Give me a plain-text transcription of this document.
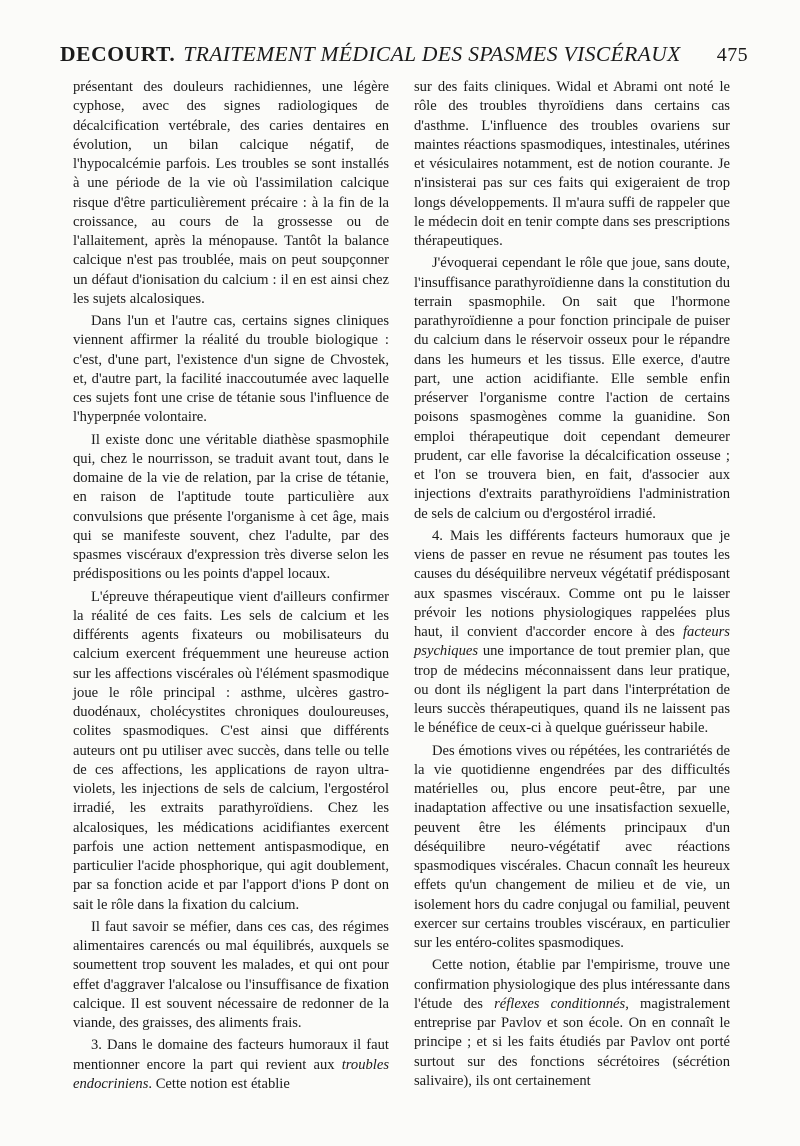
DECOURT. TRAITEMENT MÉDICAL DES SPASMES VISCÉRAUX 475

présentant des douleurs rachidiennes, une légère cyphose, avec des signes radiologiques de décalcification vertébrale, des caries dentaires en évolution, un bilan calcique négatif, de l'hypocalcémie parfois. Les troubles se sont installés à une période de la vie où l'assimilation calcique risque d'être particulièrement précaire : à la fin de la croissance, au cours de la grossesse ou de l'allaitement, après la ménopause. Tantôt la balance calcique n'est pas troublée, mais on peut soupçonner un défaut d'ionisation du calcium : il en est ainsi chez les sujets alcalosiques.

Dans l'un et l'autre cas, certains signes cliniques viennent affirmer la réalité du trouble biologique : c'est, d'une part, l'existence d'un signe de Chvostek, et, d'autre part, la facilité inaccoutumée avec laquelle ces sujets font une crise de tétanie sous l'influence de l'hyperpnée volontaire.

Il existe donc une véritable diathèse spasmophile qui, chez le nourrisson, se traduit avant tout, dans le domaine de la vie de relation, par la crise de tétanie, en raison de l'aptitude toute particulière aux convulsions que présente l'organisme à cet âge, mais qui se manifeste souvent, chez l'adulte, par des spasmes viscéraux d'expression très diverse selon les prédispositions ou les points d'appel locaux.

L'épreuve thérapeutique vient d'ailleurs confirmer la réalité de ces faits. Les sels de calcium et les différents agents fixateurs ou mobilisateurs du calcium exercent fréquemment une heureuse action sur les affections viscérales où l'élément spasmodique joue le rôle principal : asthme, ulcères gastro-duodénaux, cholécystites chroniques douloureuses, colites spasmodiques. C'est ainsi que différents auteurs ont pu utiliser avec succès, dans telle ou telle de ces affections, les applications de rayon ultra-violets, les injections de sels de calcium, l'ergostérol irradié, les extraits parathyroïdiens. Chez les alcalosiques, les médications acidifiantes exercent parfois une action nettement antispasmodique, en particulier l'acide phosphorique, qui agit doublement, par sa fonction acide et par l'apport d'ions P dont on sait le rôle dans la fixation du calcium.

Il faut savoir se méfier, dans ces cas, des régimes alimentaires carencés ou mal équilibrés, auxquels se soumettent trop souvent les malades, et qui ont pour effet d'aggraver l'alcalose ou l'insuffisance de fixation calcique. Il est souvent nécessaire de redonner de la viande, des graisses, des aliments frais.

3. Dans le domaine des facteurs humoraux il faut mentionner encore la part qui revient aux troubles endocriniens. Cette notion est établie

sur des faits cliniques. Widal et Abrami ont noté le rôle des troubles thyroïdiens dans certains cas d'asthme. L'influence des troubles ovariens sur maintes réactions spasmodiques, intestinales, utérines et vésiculaires notamment, est de notion courante. Je n'insisterai pas sur ces faits qui exigeraient de trop longs développements. Il m'aura suffi de rappeler que le médecin doit en tenir compte dans ses prescriptions thérapeutiques.

J'évoquerai cependant le rôle que joue, sans doute, l'insuffisance parathyroïdienne dans la constitution du terrain spasmophile. On sait que l'hormone parathyroïdienne a pour fonction principale de puiser du calcium dans le réservoir osseux pour le répandre dans les humeurs et les tissus. Elle exerce, d'autre part, une action acidifiante. Elle semble enfin préserver l'organisme contre l'action de certains poisons spasmogènes comme la guanidine. Son emploi thérapeutique doit cependant demeurer prudent, car elle favorise la décalcification osseuse ; et l'on se trouvera bien, en fait, d'associer aux injections d'extraits parathyroïdiens l'administration de sels de calcium ou d'ergostérol irradié.

4. Mais les différents facteurs humoraux que je viens de passer en revue ne résument pas toutes les causes du déséquilibre nerveux végétatif prédisposant aux spasmes viscéraux. Comme ont pu le laisser prévoir les notions physiologiques rappelées plus haut, il convient d'accorder encore à des facteurs psychiques une importance de tout premier plan, que trop de médecins méconnaissent dans leur pratique, ou dont ils négligent la part dans l'interprétation de leurs succès thérapeutiques, quand ils ne laissent pas le bénéfice de ceux-ci à quelque guérisseur habile.

Des émotions vives ou répétées, les contrariétés de la vie quotidienne engendrées par des difficultés matérielles ou, plus encore peut-être, par une inadaptation affective ou une insatisfaction sexuelle, peuvent être les éléments principaux d'un déséquilibre neuro-végétatif avec réactions spasmodiques viscérales. Chacun connaît les heureux effets qu'un changement de milieu et de vie, un isolement hors du cadre conjugal ou familial, peuvent exercer sur certains troubles viscéraux, en particulier sur les entéro-colites spasmodiques.

Cette notion, établie par l'empirisme, trouve une confirmation physiologique des plus intéressante dans l'étude des réflexes conditionnés, magistralement entreprise par Pavlov et son école. On en connaît le principe ; et si les faits étudiés par Pavlov ont porté surtout sur des fonctions sécrétoires (sécrétion salivaire), ils ont certainement
